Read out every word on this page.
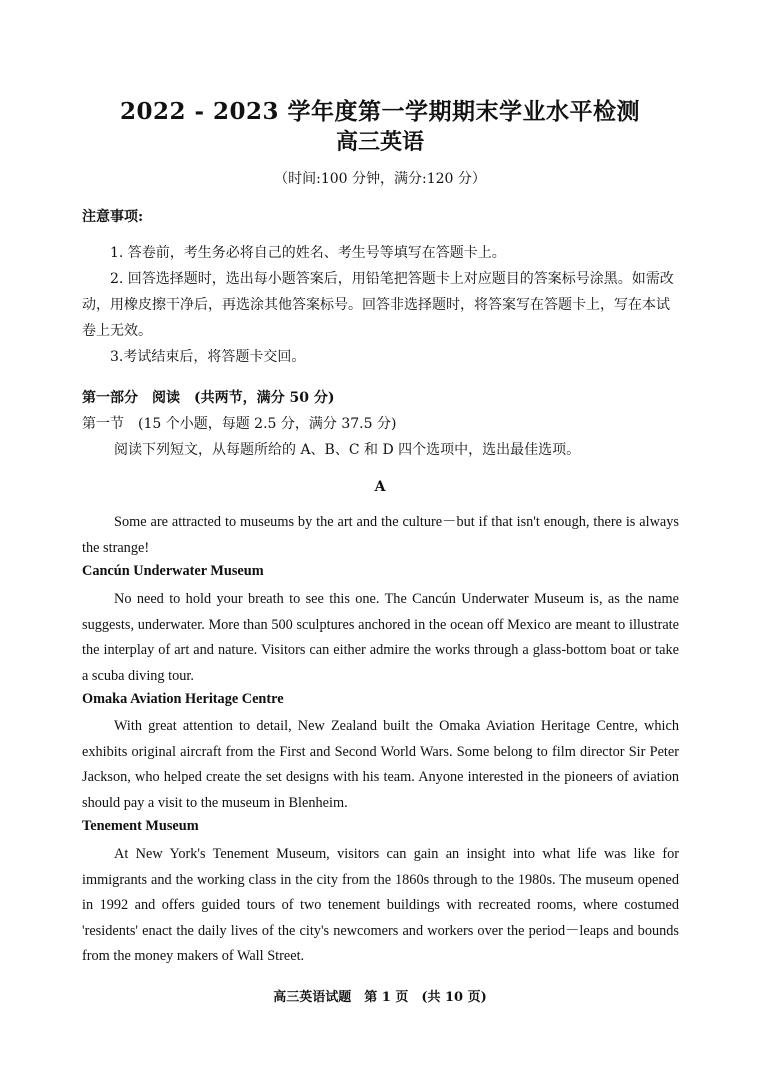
2022 - 2023 学年度第一学期期末学业水平检测
高三英语
（时间:100 分钟，满分:120 分）
注意事项:
1. 答卷前，考生务必将自己的姓名、考生号等填写在答题卡上。
2. 回答选择题时，选出每小题答案后，用铅笔把答题卡上对应题目的答案标号涂黑。如需改动，用橡皮擦干净后，再选涂其他答案标号。回答非选择题时，将答案写在答题卡上，写在本试卷上无效。
3.考试结束后，将答题卡交回。
第一部分　阅读　(共两节，满分 50 分)
第一节　(15 个小题，每题 2.5 分，满分 37.5 分)
阅读下列短文，从每题所给的 A、B、C 和 D 四个选项中，选出最佳选项。
A
Some are attracted to museums by the art and the culture－but if that isn't enough, there is always the strange!
Cancún Underwater Museum
No need to hold your breath to see this one. The Cancún Underwater Museum is, as the name suggests, underwater. More than 500 sculptures anchored in the ocean off Mexico are meant to illustrate the interplay of art and nature. Visitors can either admire the works through a glass-bottom boat or take a scuba diving tour.
Omaka Aviation Heritage Centre
With great attention to detail, New Zealand built the Omaka Aviation Heritage Centre, which exhibits original aircraft from the First and Second World Wars. Some belong to film director Sir Peter Jackson, who helped create the set designs with his team. Anyone interested in the pioneers of aviation should pay a visit to the museum in Blenheim.
Tenement Museum
At New York's Tenement Museum, visitors can gain an insight into what life was like for immigrants and the working class in the city from the 1860s through to the 1980s. The museum opened in 1992 and offers guided tours of two tenement buildings with recreated rooms, where costumed 'residents' enact the daily lives of the city's newcomers and workers over the period－leaps and bounds from the money makers of Wall Street.
高三英语试题　第 1 页　(共 10 页)
